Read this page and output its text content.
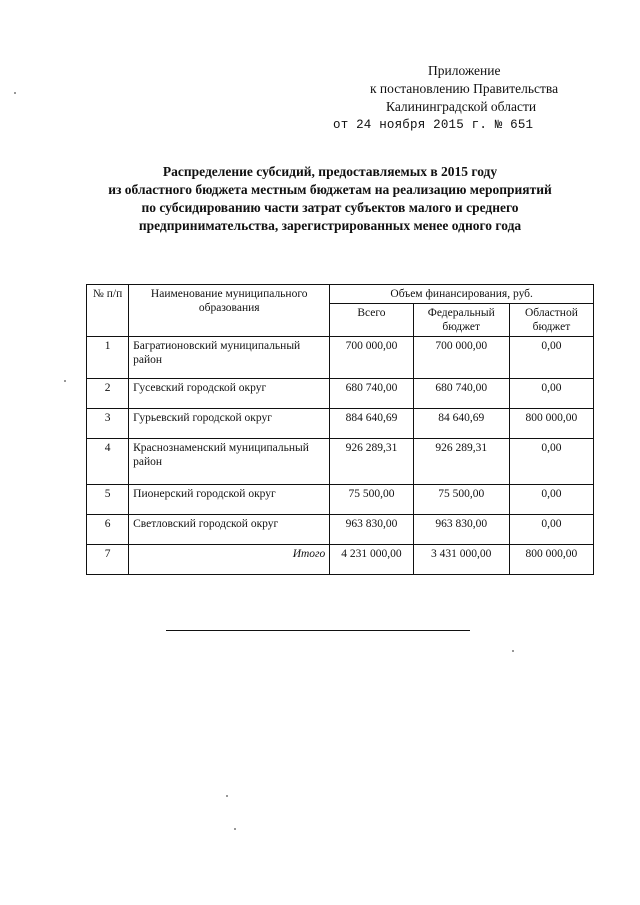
Приложение
к постановлению Правительства
Калининградской области
от 24 ноября 2015 г. № 651
Распределение субсидий, предоставляемых в 2015 году
из областного бюджета местным бюджетам на реализацию мероприятий
по субсидированию части затрат субъектов малого и среднего
предпринимательства, зарегистрированных менее одного года
№ п/п	Наименование муниципального образования	Объем финансирования, руб.		
		Всего	Федеральный бюджет	Областной бюджет
1	Багратионовский муниципальный район	700 000,00	700 000,00	0,00
2	Гусевский городской округ	680 740,00	680 740,00	0,00
3	Гурьевский городской округ	884 640,69	84 640,69	800 000,00
4	Краснознаменский муниципальный район	926 289,31	926 289,31	0,00
5	Пионерский городской округ	75 500,00	75 500,00	0,00
6	Светловский городской округ	963 830,00	963 830,00	0,00
7	Итого	4 231 000,00	3 431 000,00	800 000,00
